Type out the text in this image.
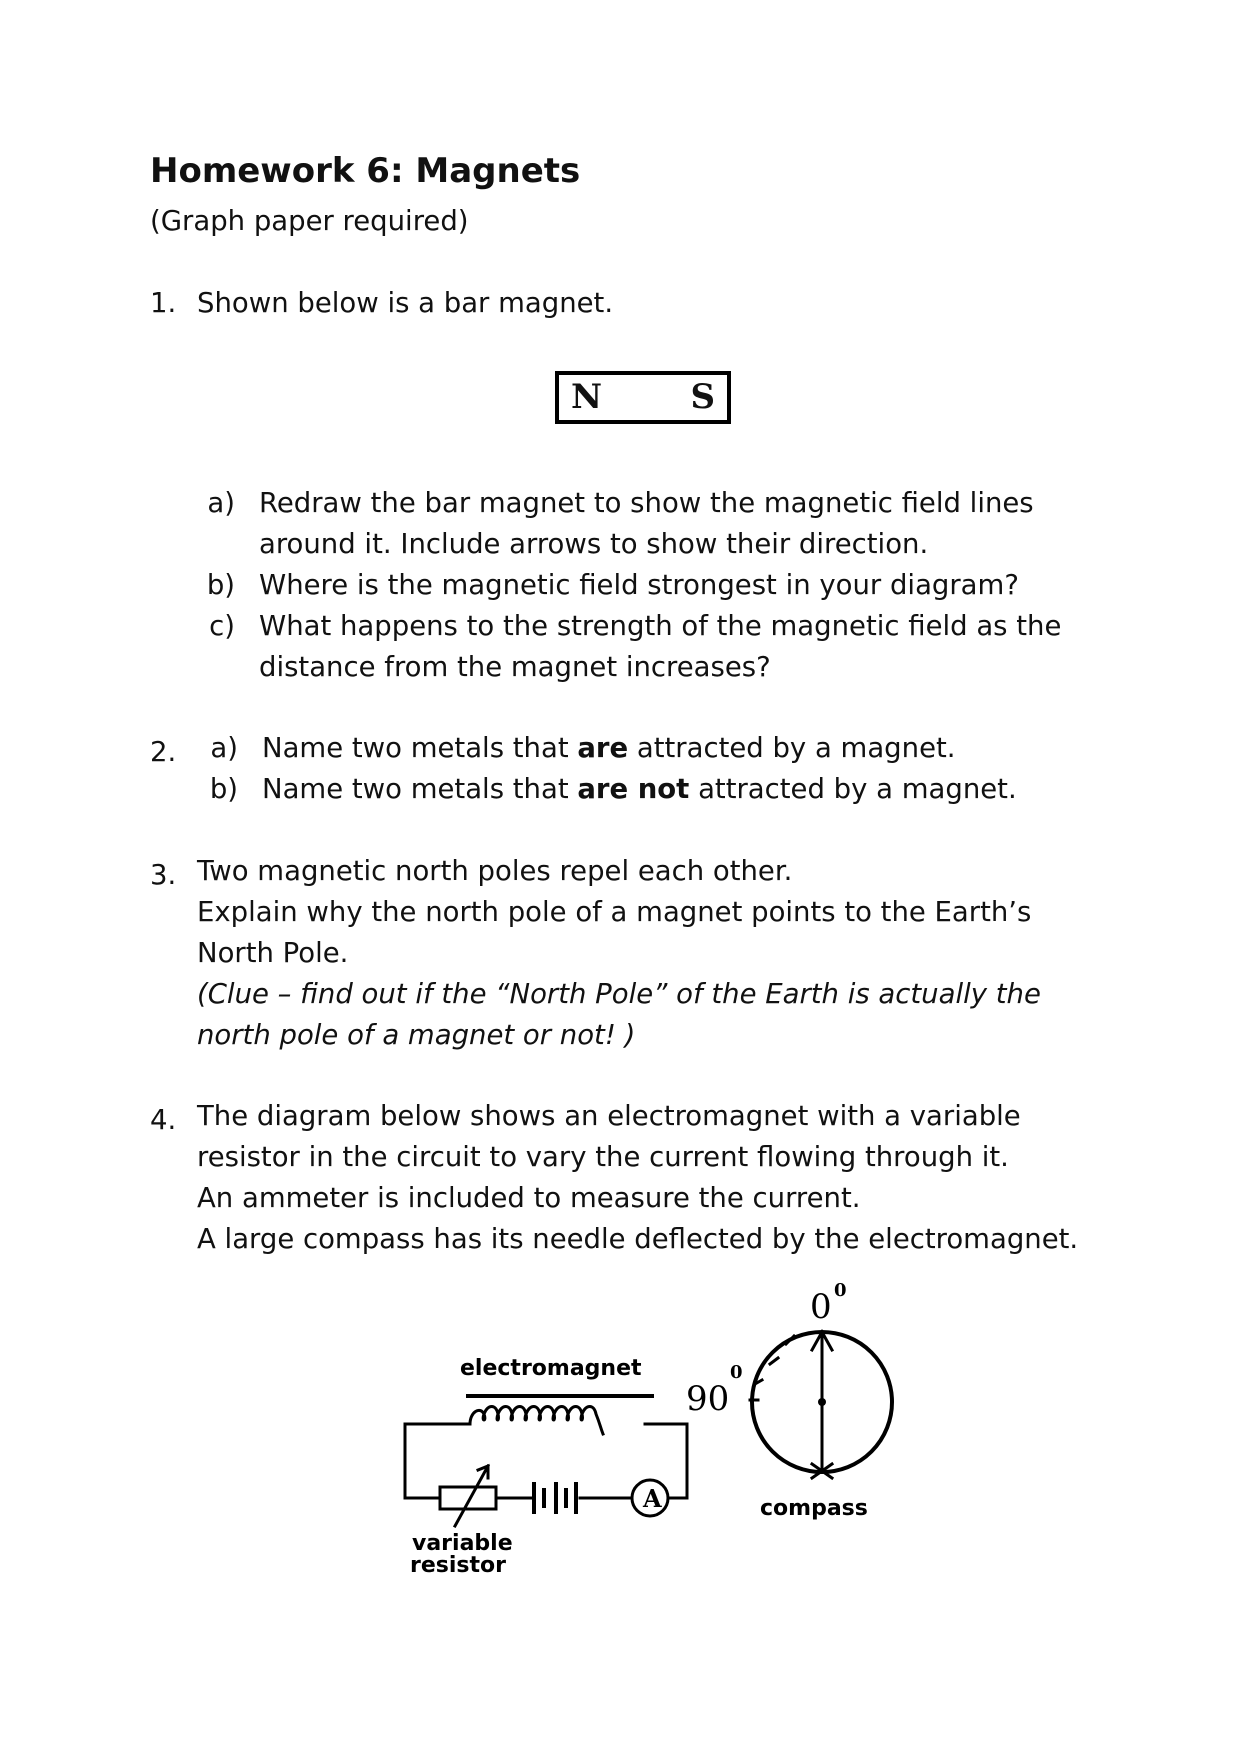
Homework 6: Magnets

(Graph paper required)

1. Shown below is a bar magnet.

N	S

a) Redraw the bar magnet to show the magnetic field lines

around it. Include arrows to show their direction.

b) Where is the magnetic field strongest in your diagram?

c) What happens to the strength of the magnetic field as the

distance from the magnet increases?

2.	a) Name two metals that are attracted by a magnet.

b) Name two metals that are not attracted by a magnet.

3. Two magnetic north poles repel each other.

Explain why the north pole of a magnet points to the Earth’s

North Pole.

(Clue – find out if the “North Pole” of the Earth is actually the

north pole of a magnet or not! )

4. The diagram below shows an electromagnet with a variable

resistor in the circuit to vary the current flowing through it.

An ammeter is included to measure the current.

A large compass has its needle deflected by the electromagnet.

electromagnet
variable
resistor
A	compass
0 0
90
0
